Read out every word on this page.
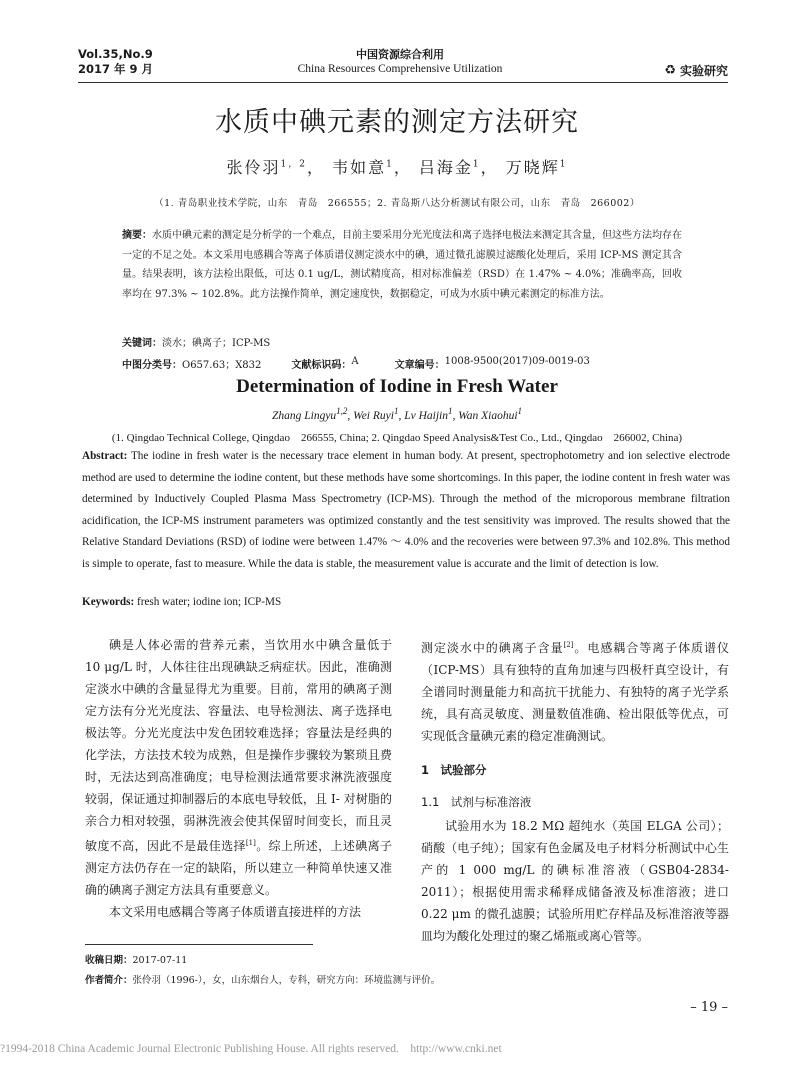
Vol.35,No.9
2017 年 9 月
中国资源综合利用
China Resources Comprehensive Utilization	♻ 实验研究
水质中碘元素的测定方法研究
张伶羽$^{1,2}$， 韦如意$^1$， 吕海金$^1$， 万晓辉$^1$
（1. 青岛职业技术学院，山东　青岛　266555；2. 青岛斯八达分析测试有限公司，山东　青岛　266002）
摘要：水质中碘元素的测定是分析学的一个难点，目前主要采用分光光度法和离子选择电极法来测定其含量，但这些方法均存在一定的不足之处。本文采用电感耦合等离子体质谱仪测定淡水中的碘，通过微孔滤膜过滤酸化处理后，采用 ICP-MS 测定其含量。结果表明，该方法检出限低，可达 0.1 ug/L，测试精度高，相对标准偏差（RSD）在 1.47% ~ 4.0%；准确率高，回收率均在 97.3% ~ 102.8%。此方法操作简单，测定速度快，数据稳定，可成为水质中碘元素测定的标准方法。
关键词：淡水；碘离子；ICP-MS
中图分类号： O657.63；X832	文献标识码： A	文章编号： 1008-9500(2017)09-0019-03
Determination of Iodine in Fresh Water
Zhang Lingyu$^{1,2}$, Wei Ruyi$^1$, Lv Haijin$^1$, Wan Xiaohui$^1$
(1. Qingdao Technical College, Qingdao　266555, China; 2. Qingdao Speed Analysis&Test Co., Ltd., Qingdao　266002, China)
Abstract: The iodine in fresh water is the necessary trace element in human body. At present, spectrophotometry and ion selective electrode method are used to determine the iodine content, but these methods have some shortcomings. In this paper, the iodine content in fresh water was determined by Inductively Coupled Plasma Mass Spectrometry (ICP-MS). Through the method of the microporous membrane filtration acidification, the ICP-MS instrument parameters was optimized constantly and the test sensitivity was improved. The results showed that the Relative Standard Deviations (RSD) of iodine were between 1.47% ～ 4.0% and the recoveries were between 97.3% and 102.8%. This method is simple to operate, fast to measure. While the data is stable, the measurement value is accurate and the limit of detection is low.
Keywords: fresh water; iodine ion; ICP-MS

碘是人体必需的营养元素，当饮用水中碘含量低于 10 μg/L 时，人体往往出现碘缺乏病症状。因此，准确测定淡水中碘的含量显得尤为重要。目前，常用的碘离子测定方法有分光光度法、容量法、电导检测法、离子选择电极法等。分光光度法中发色团较难选择；容量法是经典的化学法，方法技术较为成熟，但是操作步骤较为繁琐且费时，无法达到高准确度；电导检测法通常要求淋洗液强度较弱，保证通过抑制器后的本底电导较低，且 I- 对树脂的亲合力相对较强，弱淋洗液会使其保留时间变长，而且灵敏度不高，因此不是最佳选择[1]。综上所述，上述碘离子测定方法仍存在一定的缺陷，所以建立一种简单快速又准确的碘离子测定方法具有重要意义。

本文采用电感耦合等离子体质谱直接进样的方法

测定淡水中的碘离子含量[2]。电感耦合等离子体质谱仪（ICP-MS）具有独特的直角加速与四极杆真空设计，有全谱同时测量能力和高抗干扰能力、有独特的离子光学系统，具有高灵敏度、测量数值准确、检出限低等优点，可实现低含量碘元素的稳定准确测试。

1　试验部分

1.1　试剂与标准溶液

试验用水为 18.2 MΩ 超纯水（英国 ELGA 公司）；硝酸（电子纯）；国家有色金属及电子材料分析测试中心生产的 1 000 mg/L 的碘标准溶液（GSB04-2834-2011）；根据使用需求稀释成储备液及标准溶液；进口 0.22 μm 的微孔滤膜；试验所用贮存样品及标准溶液等器皿均为酸化处理过的聚乙烯瓶或离心管等。

收稿日期：2017-07-11
作者简介：张伶羽（1996-），女，山东烟台人，专科，研究方向：环境监测与评价。
– 19 –
?1994-2018 China Academic Journal Electronic Publishing House. All rights reserved.　http://www.cnki.net
